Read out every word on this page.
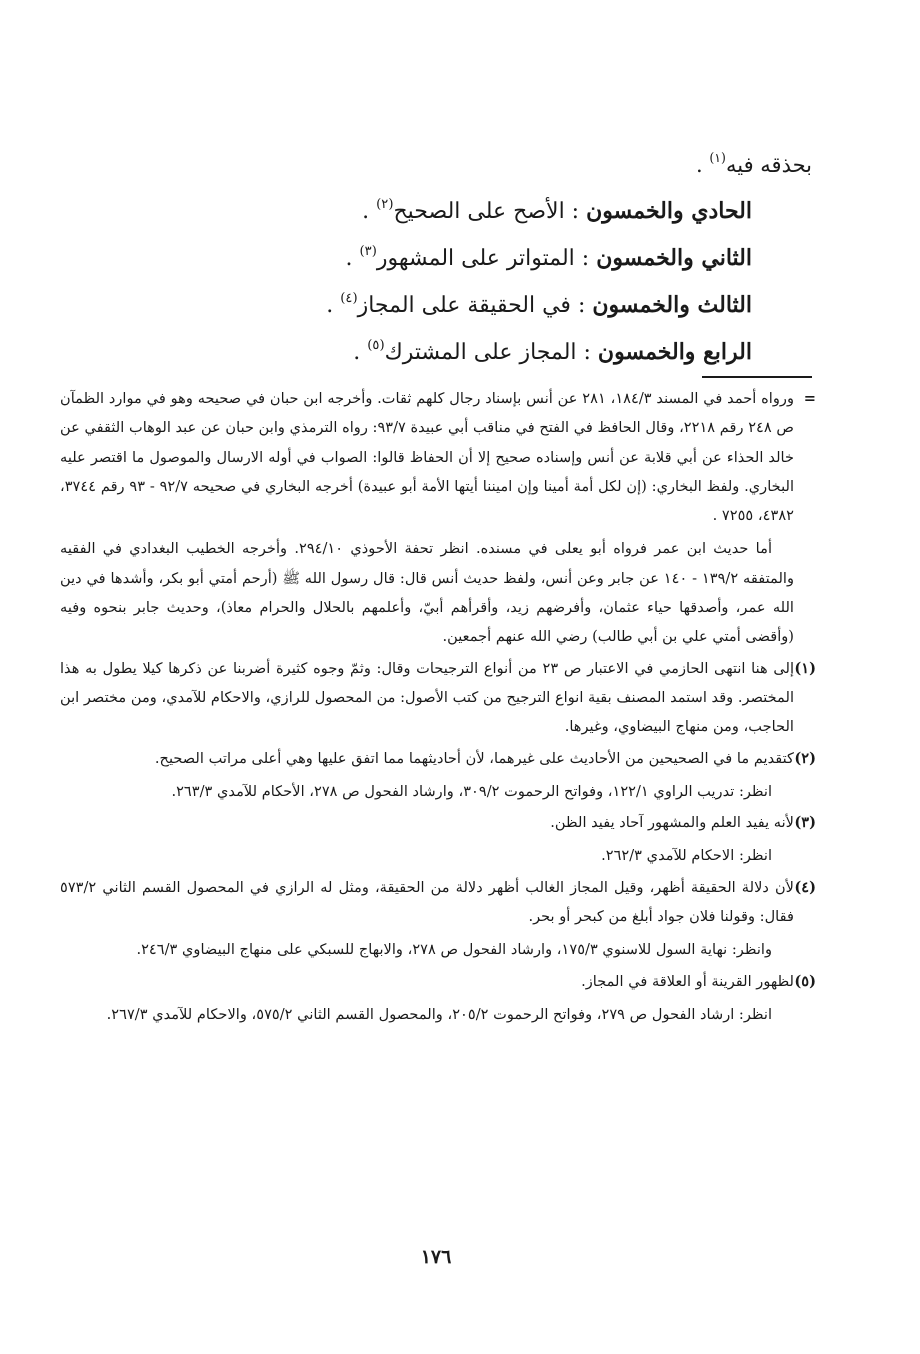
بحذقه فيه$^{(١)}$ .

الحادي والخمسون : الأصح على الصحيح$^{(٢)}$ .

الثاني والخمسون : المتواتر على المشهور$^{(٣)}$ .

الثالث والخمسون : في الحقيقة على المجاز$^{(٤)}$ .

الرابع والخمسون : المجاز على المشترك$^{(٥)}$ .

=

ورواه أحمد في المسند ١٨٤/٣، ٢٨١ عن أنس بإسناد رجال كلهم ثقات. وأخرجه ابن حبان في صحيحه وهو في موارد الظمآن ص ٢٤٨ رقم ٢٢١٨، وقال الحافظ في الفتح في مناقب أبي عبيدة ٩٣/٧: رواه الترمذي وابن حبان عن عبد الوهاب الثقفي عن خالد الحذاء عن أبي قلابة عن أنس وإسناده صحيح إلا أن الحفاظ قالوا: الصواب في أوله الارسال والموصول ما اقتصر عليه البخاري. ولفظ البخاري: (إن لكل أمة أمينا وإن اميننا أيتها الأمة أبو عبيدة) أخرجه البخاري في صحيحه ٩٢/٧ - ٩٣ رقم ٣٧٤٤، ٤٣٨٢، ٧٢٥٥ .

أما حديث ابن عمر فرواه أبو يعلى في مسنده. انظر تحفة الأحوذي ٢٩٤/١٠. وأخرجه الخطيب البغدادي في الفقيه والمتفقه ١٣٩/٢ - ١٤٠ عن جابر وعن أنس، ولفظ حديث أنس قال: قال رسول الله ﷺ (أرحم أمتي أبو بكر، وأشدها في دين الله عمر، وأصدقها حياء عثمان، وأفرضهم زيد، وأقرأهم أبيّ، وأعلمهم بالحلال والحرام معاذ)، وحديث جابر بنحوه وفيه (وأقضى أمتي علي بن أبي طالب) رضي الله عنهم أجمعين.

(١)

إلى هنا انتهى الحازمي في الاعتبار ص ٢٣ من أنواع الترجيحات وقال: وثمّ وجوه كثيرة أضربنا عن ذكرها كيلا يطول به هذا المختصر. وقد استمد المصنف بقية انواع الترجيح من كتب الأصول: من المحصول للرازي، والاحكام للآمدي، ومن مختصر ابن الحاجب، ومن منهاج البيضاوي، وغيرها.

(٢)

كتقديم ما في الصحيحين من الأحاديث على غيرهما، لأن أحاديثهما مما اتفق عليها وهي أعلى مراتب الصحيح.

انظر: تدريب الراوي ١٢٢/١، وفواتح الرحموت ٣٠٩/٢، وارشاد الفحول ص ٢٧٨، الأحكام للآمدي ٢٦٣/٣.

(٣)

لأنه يفيد العلم والمشهور آحاد يفيد الظن.

انظر: الاحكام للآمدي ٢٦٢/٣.

(٤)

لأن دلالة الحقيقة أظهر، وقيل المجاز الغالب أظهر دلالة من الحقيقة، ومثل له الرازي في المحصول القسم الثاني ٥٧٣/٢ فقال: وقولنا فلان جواد أبلغ من كبحر أو بحر.

وانظر: نهاية السول للاسنوي ١٧٥/٣، وارشاد الفحول ص ٢٧٨، والابهاج للسبكي على منهاج البيضاوي ٢٤٦/٣.

(٥)

لظهور القرينة أو العلاقة في المجاز.

انظر: ارشاد الفحول ص ٢٧٩، وفواتح الرحموت ٢٠٥/٢، والمحصول القسم الثاني ٥٧٥/٢، والاحكام للآمدي ٢٦٧/٣.

١٧٦
